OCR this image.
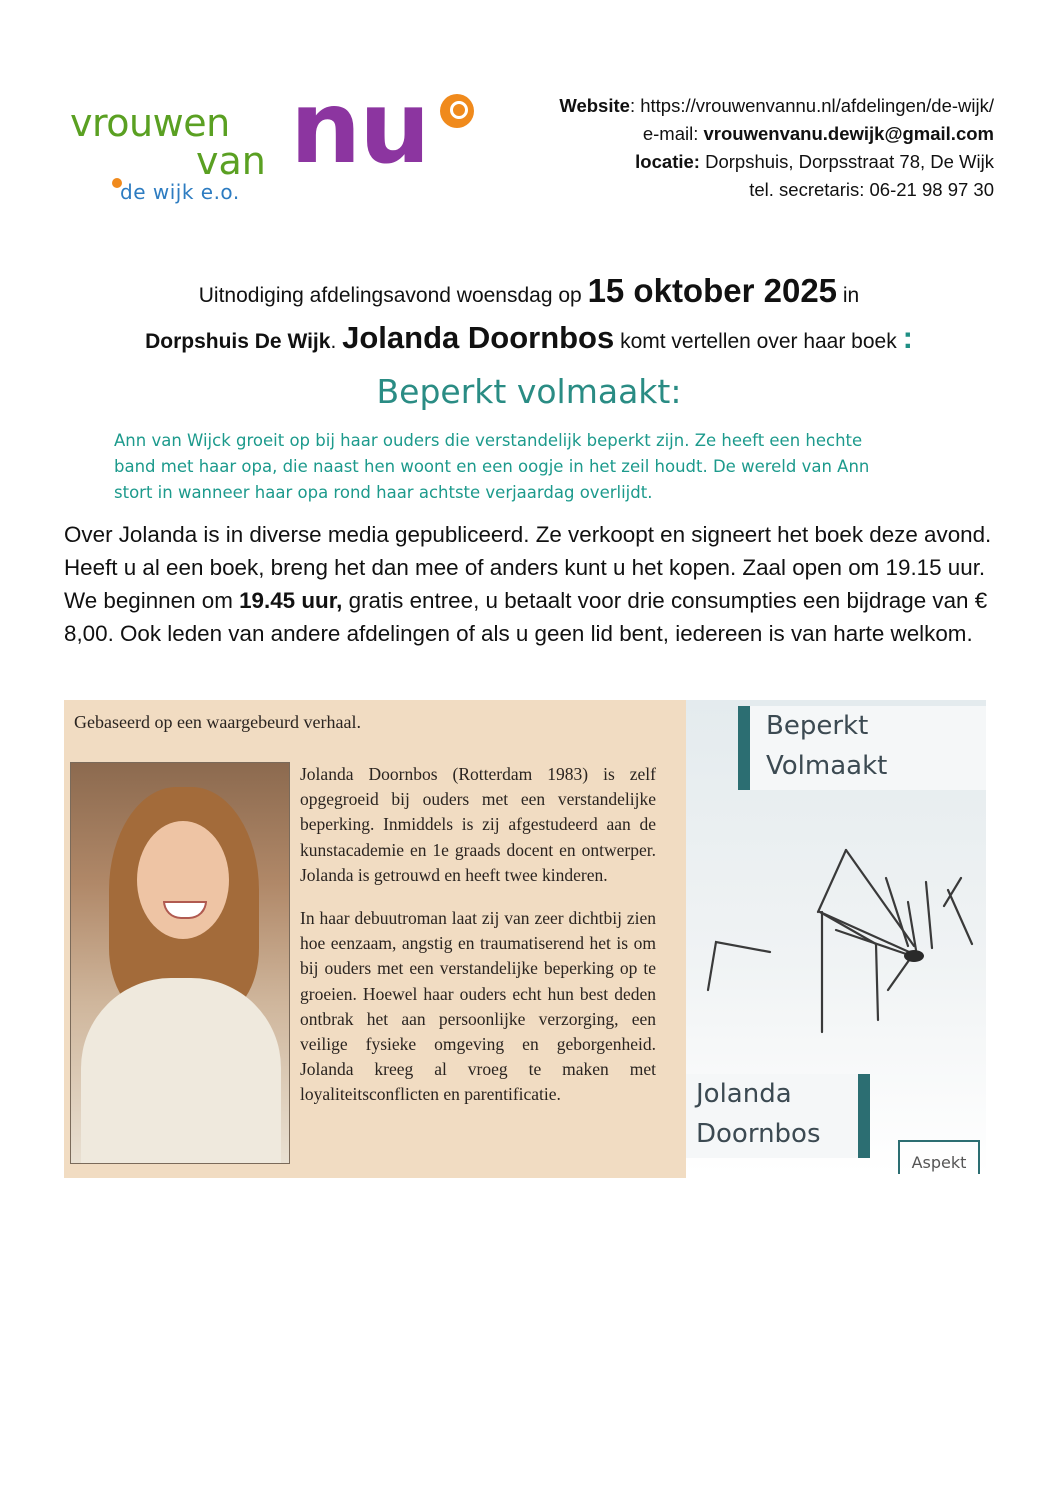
vrouwen
van nu
de wijk e.o.
Website: https://vrouwenvannu.nl/afdelingen/de-wijk/
e-mail: vrouwenvanu.dewijk@gmail.com
locatie: Dorpshuis, Dorpsstraat 78, De Wijk
tel. secretaris: 06-21 98 97 30
Uitnodiging afdelingsavond woensdag op 15 oktober 2025 in
Dorpshuis De Wijk. Jolanda Doornbos komt vertellen over haar boek :
Beperkt volmaakt:
Ann van Wijck groeit op bij haar ouders die verstandelijk beperkt zijn. Ze heeft een hechte
band met haar opa, die naast hen woont en een oogje in het zeil houdt. De wereld van Ann
stort in wanneer haar opa rond haar achtste verjaardag overlijdt.
Over Jolanda is in diverse media gepubliceerd. Ze verkoopt en signeert het boek deze avond. Heeft u al een boek, breng het dan mee of anders kunt u het kopen. Zaal open om 19.15 uur. We beginnen om 19.45 uur, gratis entree, u betaalt voor drie consumpties een bijdrage van € 8,00. Ook leden van andere afdelingen of als u geen lid bent, iedereen is van harte welkom.
Gebaseerd op een waargebeurd verhaal.

Jolanda Doornbos (Rotterdam 1983) is zelf opgegroeid bij ouders met een verstandelijke beperking. Inmiddels is zij afgestudeerd aan de kunstacademie en 1e graads docent en ontwerper. Jolanda is getrouwd en heeft twee kinderen.

In haar debuutroman laat zij van zeer dichtbij zien hoe eenzaam, angstig en traumatiserend het is om bij ouders met een verstandelijke beperking op te groeien. Hoewel haar ouders echt hun best deden ontbrak het aan persoonlijke verzorging, een veilige fysieke omgeving en geborgenheid. Jolanda kreeg al vroeg te maken met loyaliteitsconflicten en parentificatie.

Beperkt
Volmaakt
Jolanda
Doornbos
Aspekt
